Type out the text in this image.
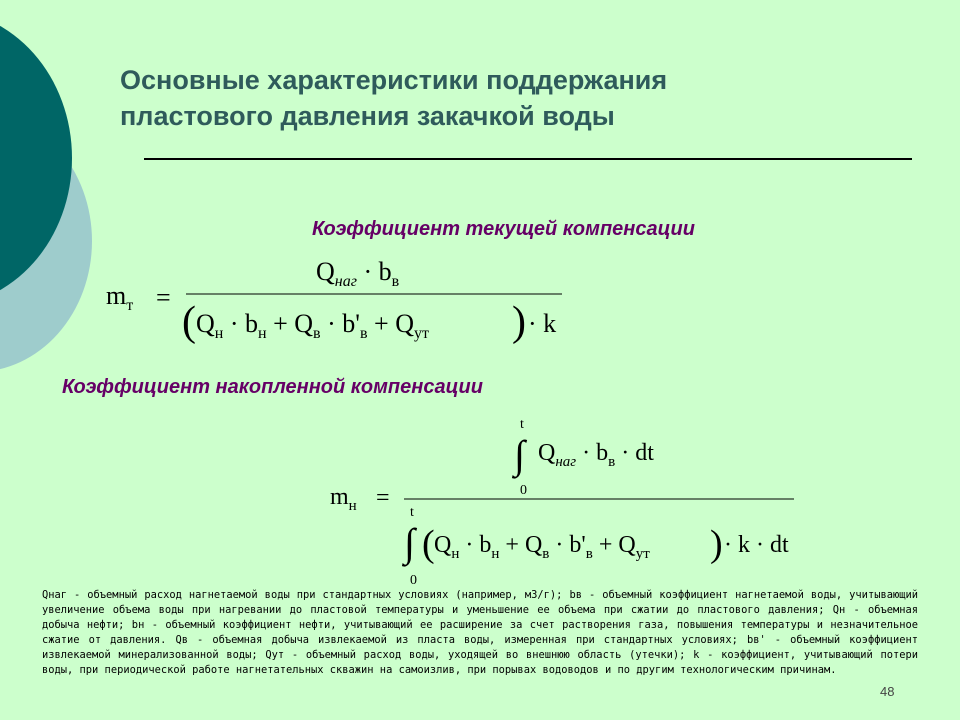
Основные характеристики поддержания пластового давления закачкой воды
Коэффициент текущей компенсации
$m_т$ =
$Q_{наг} \cdot b_в$
( $Q_н \cdot b_н + Q_в \cdot b'_в + Q_{ут}$ ) · k
Коэффициент накопленной компенсации
$m_н$ =
t
∫
0
$Q_{наг} \cdot b_в$ · dt
t
∫
0
( $Q_н \cdot b_н + Q_в \cdot b'_в + Q_{ут}$ ) · k · dt

Qнаг - объемный расход нагнетаемой воды при стандартных условиях (например, м3/г); bв - объемный коэффициент нагнетаемой воды, учитывающий увеличение объема воды при нагревании до пластовой температуры и уменьшение ее объема при сжатии до пластового давления; Qн - объемная добыча нефти; bн - объемный коэффициент нефти, учитывающий ее расширение за счет растворения газа, повышения температуры и незначительное сжатие от давления. Qв - объемная добыча извлекаемой из пласта воды, измеренная при стандартных условиях; bв' - объемный коэффициент извлекаемой минерализованной воды; Qут - объемный расход воды, уходящей во внешнюю область (утечки); k - коэффициент, учитывающий потери воды, при периодической работе нагнетательных скважин на самоизлив, при порывах водоводов и по другим технологическим причинам.

48
